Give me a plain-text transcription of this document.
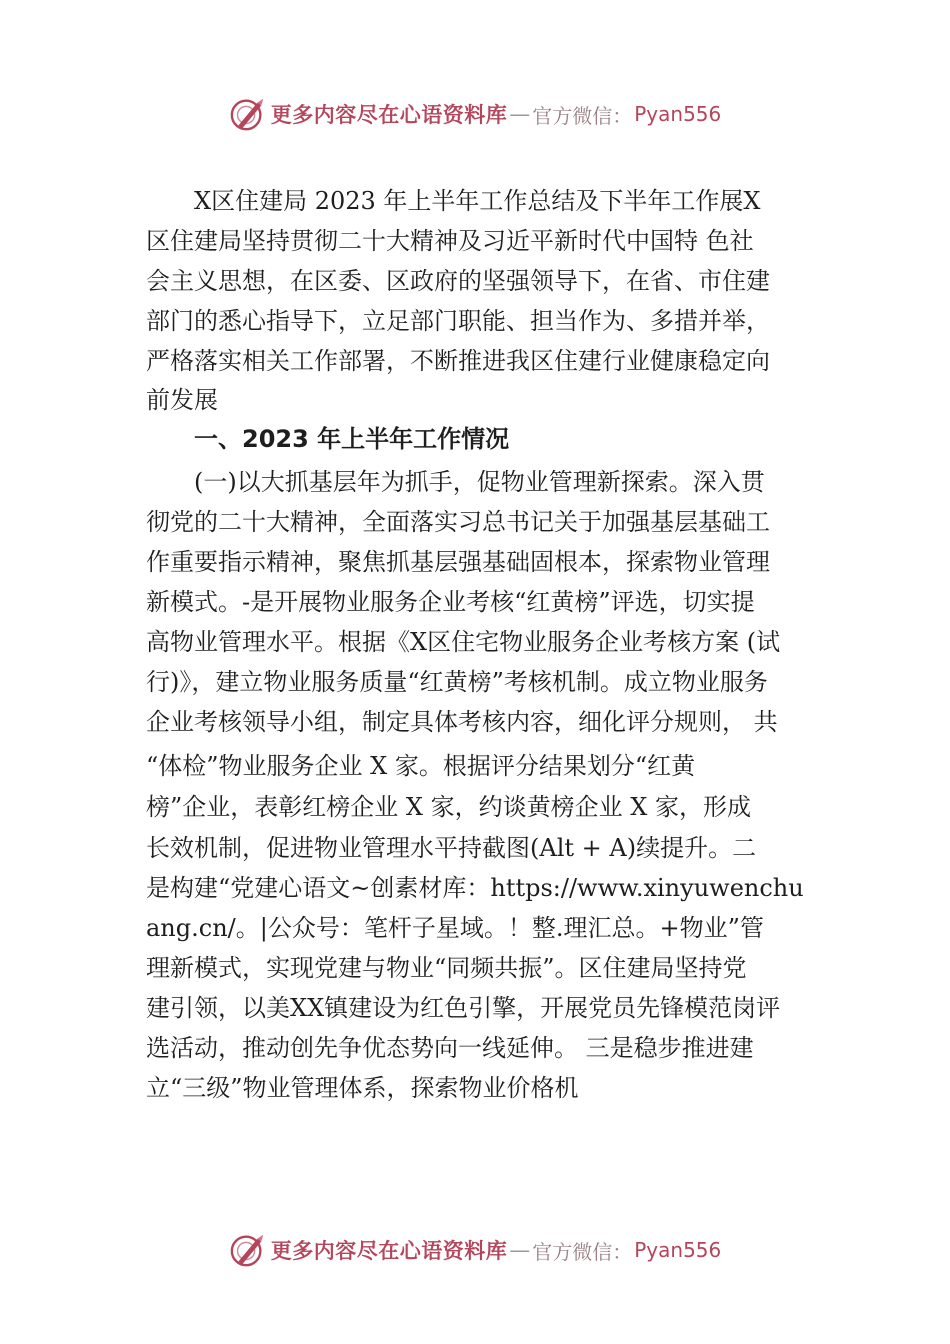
更多内容尽在心语资料库 — 官方微信： Pyan556
X区住建局 2023 年上半年工作总结及下半年工作展X
区住建局坚持贯彻二十大精神及习近平新时代中国特 色社
会主义思想，在区委、区政府的坚强领导下，在省、市住建
部门的悉心指导下，立足部门职能、担当作为、多措并举，
严格落实相关工作部署，不断推进我区住建行业健康稳定向
前发展
一、2023 年上半年工作情况
(一)以大抓基层年为抓手，促物业管理新探索。深入贯
彻党的二十大精神，全面落实习总书记关于加强基层基础工
作重要指示精神，聚焦抓基层强基础固根本，探索物业管理
新模式。-是开展物业服务企业考核“红黄榜”评选，切实提
高物业管理水平。根据《X区住宅物业服务企业考核方案 (试
行)》，建立物业服务质量“红黄榜”考核机制。成立物业服务
企业考核领导小组，制定具体考核内容，细化评分规则， 共
“体检”物业服务企业 X 家。根据评分结果划分“红黄
榜”企业，表彰红榜企业 X 家，约谈黄榜企业 X 家，形成
长效机制，促进物业管理水平持截图(Alt + A)续提升。二
是构建“党建心语文~创素材库：https://www.xinyuwenchu
ang.cn/。|公众号：笔杆子星域。！整.理汇总。+物业”管
理新模式，实现党建与物业“同频共振”。区住建局坚持党
建引领，以美XX镇建设为红色引擎，开展党员先锋模范岗评
选活动，推动创先争优态势向一线延伸。 三是稳步推进建
立“三级”物业管理体系，探索物业价格机
更多内容尽在心语资料库 — 官方微信： Pyan556
